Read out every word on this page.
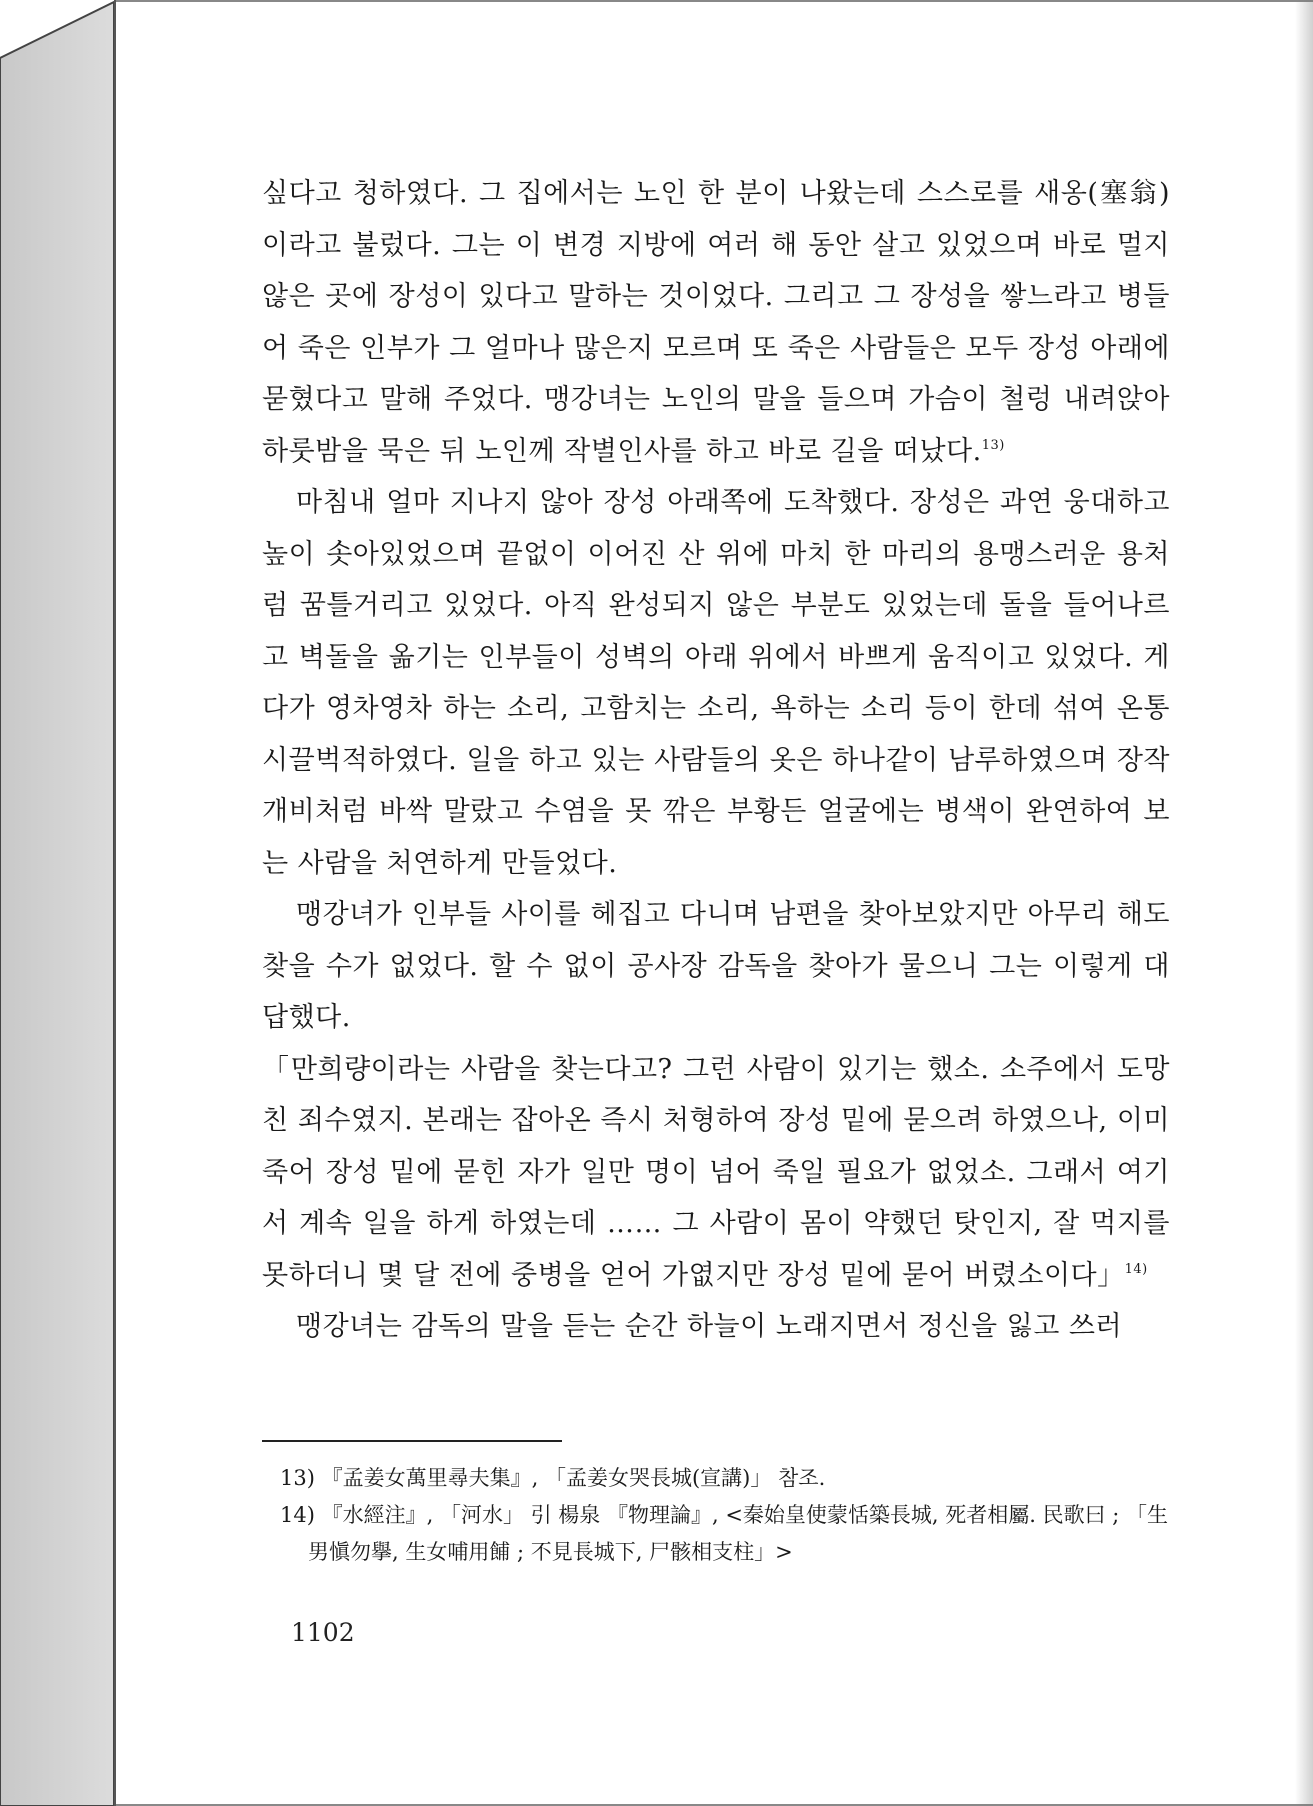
싶다고 청하였다. 그 집에서는 노인 한 분이 나왔는데 스스로를 새옹(塞翁)이라고 불렀다. 그는 이 변경 지방에 여러 해 동안 살고 있었으며 바로 멀지 않은 곳에 장성이 있다고 말하는 것이었다. 그리고 그 장성을 쌓느라고 병들어 죽은 인부가 그 얼마나 많은지 모르며 또 죽은 사람들은 모두 장성 아래에 묻혔다고 말해 주었다. 맹강녀는 노인의 말을 들으며 가슴이 철렁 내려앉아 하룻밤을 묵은 뒤 노인께 작별인사를 하고 바로 길을 떠났다.$^{13)}$

마침내 얼마 지나지 않아 장성 아래쪽에 도착했다. 장성은 과연 웅대하고 높이 솟아있었으며 끝없이 이어진 산 위에 마치 한 마리의 용맹스러운 용처럼 꿈틀거리고 있었다. 아직 완성되지 않은 부분도 있었는데 돌을 들어나르고 벽돌을 옮기는 인부들이 성벽의 아래 위에서 바쁘게 움직이고 있었다. 게다가 영차영차 하는 소리, 고함치는 소리, 욕하는 소리 등이 한데 섞여 온통 시끌벅적하였다. 일을 하고 있는 사람들의 옷은 하나같이 남루하였으며 장작개비처럼 바싹 말랐고 수염을 못 깎은 부황든 얼굴에는 병색이 완연하여 보는 사람을 처연하게 만들었다.

맹강녀가 인부들 사이를 헤집고 다니며 남편을 찾아보았지만 아무리 해도 찾을 수가 없었다. 할 수 없이 공사장 감독을 찾아가 물으니 그는 이렇게 대답했다.

「만희량이라는 사람을 찾는다고? 그런 사람이 있기는 했소. 소주에서 도망친 죄수였지. 본래는 잡아온 즉시 처형하여 장성 밑에 묻으려 하였으나, 이미 죽어 장성 밑에 묻힌 자가 일만 명이 넘어 죽일 필요가 없었소. 그래서 여기서 계속 일을 하게 하였는데 …… 그 사람이 몸이 약했던 탓인지, 잘 먹지를 못하더니 몇 달 전에 중병을 얻어 가엾지만 장성 밑에 묻어 버렸소이다」$^{14)}$

맹강녀는 감독의 말을 듣는 순간 하늘이 노래지면서 정신을 잃고 쓰러

13) 『孟姜女萬里尋夫集』, 「孟姜女哭長城(宣講)」 참조.

14) 『水經注』, 「河水」 引 楊泉 『物理論』, <秦始皇使蒙恬築長城, 死者相屬. 民歌曰 ; 「生男愼勿擧, 生女哺用餔 ; 不見長城下, 尸骸相支柱」>

1102
